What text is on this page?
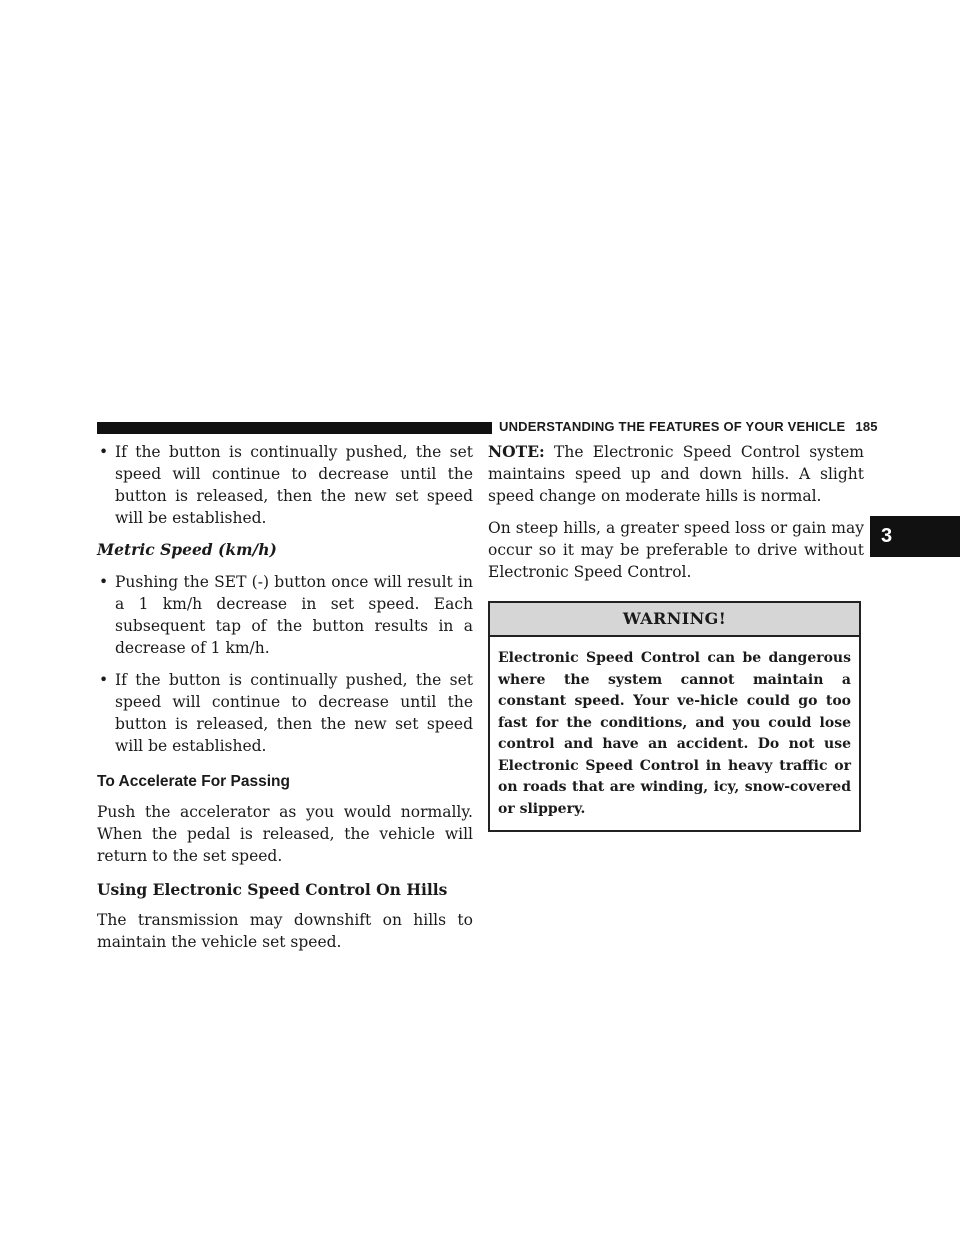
UNDERSTANDING THE FEATURES OF YOUR VEHICLE 185
3
• If the button is continually pushed, the set speed will continue to decrease until the button is released, then the new set speed will be established.
Metric Speed (km/h)
• Pushing the SET (-) button once will result in a 1 km/h decrease in set speed. Each subsequent tap of the button results in a decrease of 1 km/h.
• If the button is continually pushed, the set speed will continue to decrease until the button is released, then the new set speed will be established.
To Accelerate For Passing

Push the accelerator as you would normally. When the pedal is released, the vehicle will return to the set speed.

Using Electronic Speed Control On Hills

The transmission may downshift on hills to maintain the vehicle set speed.

NOTE: The Electronic Speed Control system maintains speed up and down hills. A slight speed change on moderate hills is normal.

On steep hills, a greater speed loss or gain may occur so it may be preferable to drive without Electronic Speed Control.

WARNING!
Electronic Speed Control can be dangerous where the system cannot maintain a constant speed. Your ve-hicle could go too fast for the conditions, and you could lose control and have an accident. Do not use Electronic Speed Control in heavy traffic or on roads that are winding, icy, snow-covered or slippery.
